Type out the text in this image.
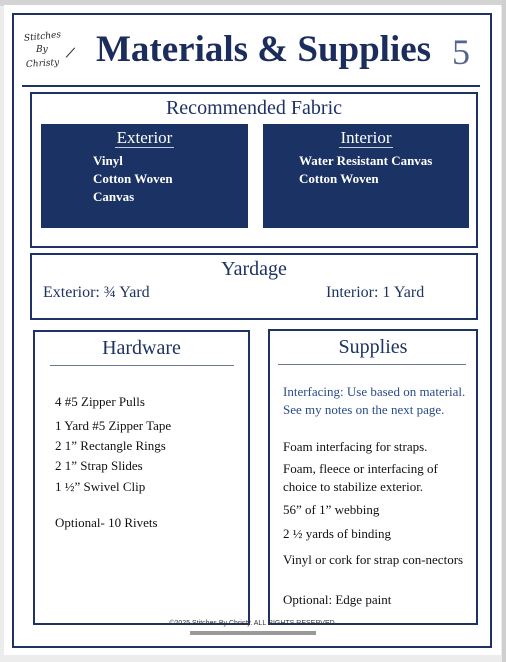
Stitches
By
Christy
/ Materials & Supplies 5
Recommended Fabric
Exterior
Vinyl
Cotton Woven
Canvas
Interior
Water Resistant Canvas
Cotton Woven
Yardage
Exterior: ¾ Yard	Interior: 1 Yard
Hardware
4 #5 Zipper Pulls
1 Yard #5 Zipper Tape
2 1” Rectangle Rings
2 1” Strap Slides
1 ½” Swivel Clip
Optional- 10 Rivets
Supplies
Interfacing: Use based on material. See my notes on the next page.
Foam interfacing for straps.
Foam, fleece or interfacing of choice to stabilize exterior.
56” of 1” webbing
2 ½ yards of binding
Vinyl or cork for strap con-nectors
Optional: Edge paint
©2025 Stitches By Christy. ALL RIGHTS RESERVED.
